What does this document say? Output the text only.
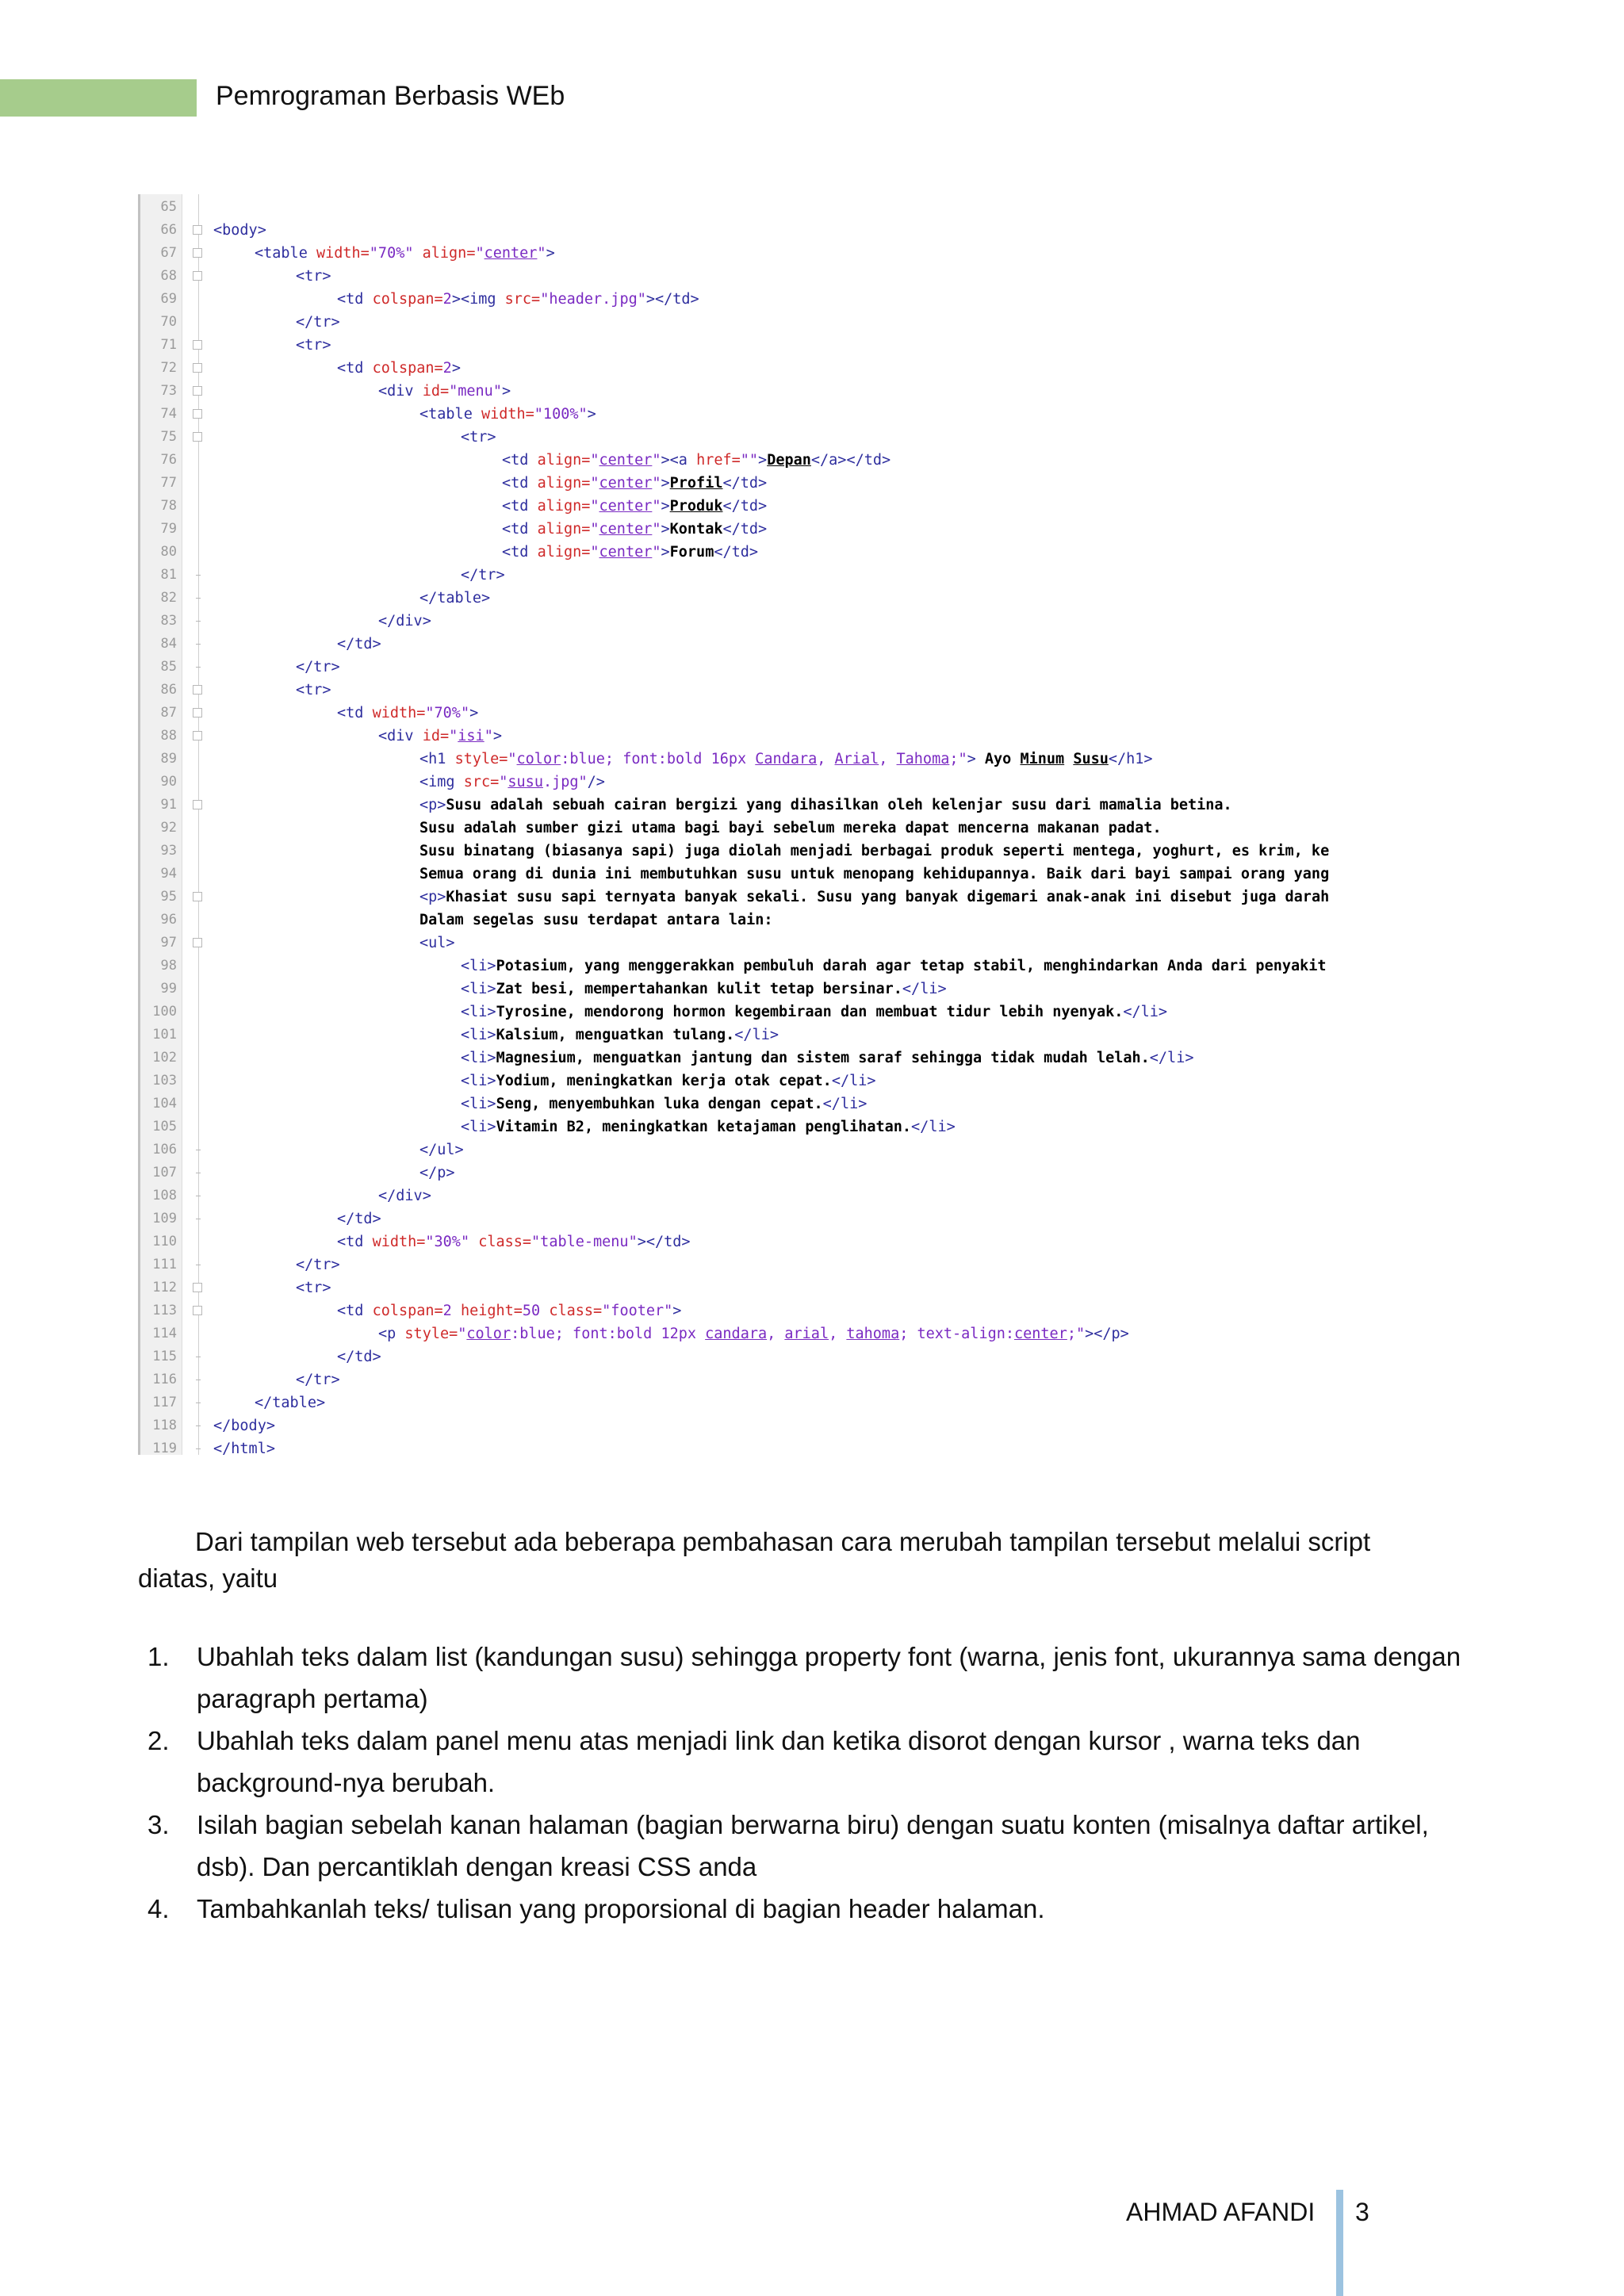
Pemrograman Berbasis WEb
65
66 <body>
67	<table width="70%" align="center">
68	<tr>
69	<td colspan=2><img src="header.jpg"></td>
70	</tr>
71	<tr>
72	<td colspan=2>
73	<div id="menu">
74	<table width="100%">
75	<tr>
76	<td align="center"><a href="">Depan</a></td>
77	<td align="center">Profil</td>
78	<td align="center">Produk</td>
79	<td align="center">Kontak</td>
80	<td align="center">Forum</td>
81	</tr>
82	</table>
83	</div>
84	</td>
85	</tr>
86	<tr>
87	<td width="70%">
88	<div id="isi">
89	<h1 style="color:blue; font:bold 16px Candara, Arial, Tahoma;"> Ayo Minum Susu</h1>
90	<img src="susu.jpg"/>
91	<p>Susu adalah sebuah cairan bergizi yang dihasilkan oleh kelenjar susu dari mamalia betina.
92	Susu adalah sumber gizi utama bagi bayi sebelum mereka dapat mencerna makanan padat.
93	Susu binatang (biasanya sapi) juga diolah menjadi berbagai produk seperti mentega, yoghurt, es krim, ke
94	Semua orang di dunia ini membutuhkan susu untuk menopang kehidupannya. Baik dari bayi sampai orang yang
95	<p>Khasiat susu sapi ternyata banyak sekali. Susu yang banyak digemari anak-anak ini disebut juga darah
96	Dalam segelas susu terdapat antara lain:
97	<ul>
98	<li>Potasium, yang menggerakkan pembuluh darah agar tetap stabil, menghindarkan Anda dari penyakit
99	<li>Zat besi, mempertahankan kulit tetap bersinar.</li>
100	<li>Tyrosine, mendorong hormon kegembiraan dan membuat tidur lebih nyenyak.</li>
101	<li>Kalsium, menguatkan tulang.</li>
102	<li>Magnesium, menguatkan jantung dan sistem saraf sehingga tidak mudah lelah.</li>
103	<li>Yodium, meningkatkan kerja otak cepat.</li>
104	<li>Seng, menyembuhkan luka dengan cepat.</li>
105	<li>Vitamin B2, meningkatkan ketajaman penglihatan.</li>
106	</ul>
107	</p>
108	</div>
109	</td>
110	<td width="30%" class="table-menu"></td>
111	</tr>
112	<tr>
113	<td colspan=2 height=50 class="footer">
114	<p style="color:blue; font:bold 12px candara, arial, tahoma; text-align:center;"></p>
115	</td>
116	</tr>
117	</table>
118 </body>
119 </html>
Dari tampilan web tersebut ada beberapa pembahasan cara merubah tampilan tersebut melalui script diatas, yaitu
1. Ubahlah teks dalam list (kandungan susu) sehingga property font (warna, jenis font, ukurannya sama dengan paragraph pertama)
2. Ubahlah teks dalam panel menu atas menjadi link dan ketika disorot dengan kursor , warna teks dan background-nya berubah.
3. Isilah bagian sebelah kanan halaman (bagian berwarna biru) dengan suatu konten (misalnya daftar artikel, dsb). Dan percantiklah dengan kreasi CSS anda
4. Tambahkanlah teks/ tulisan yang proporsional di bagian header halaman.
AHMAD AFANDI 3
